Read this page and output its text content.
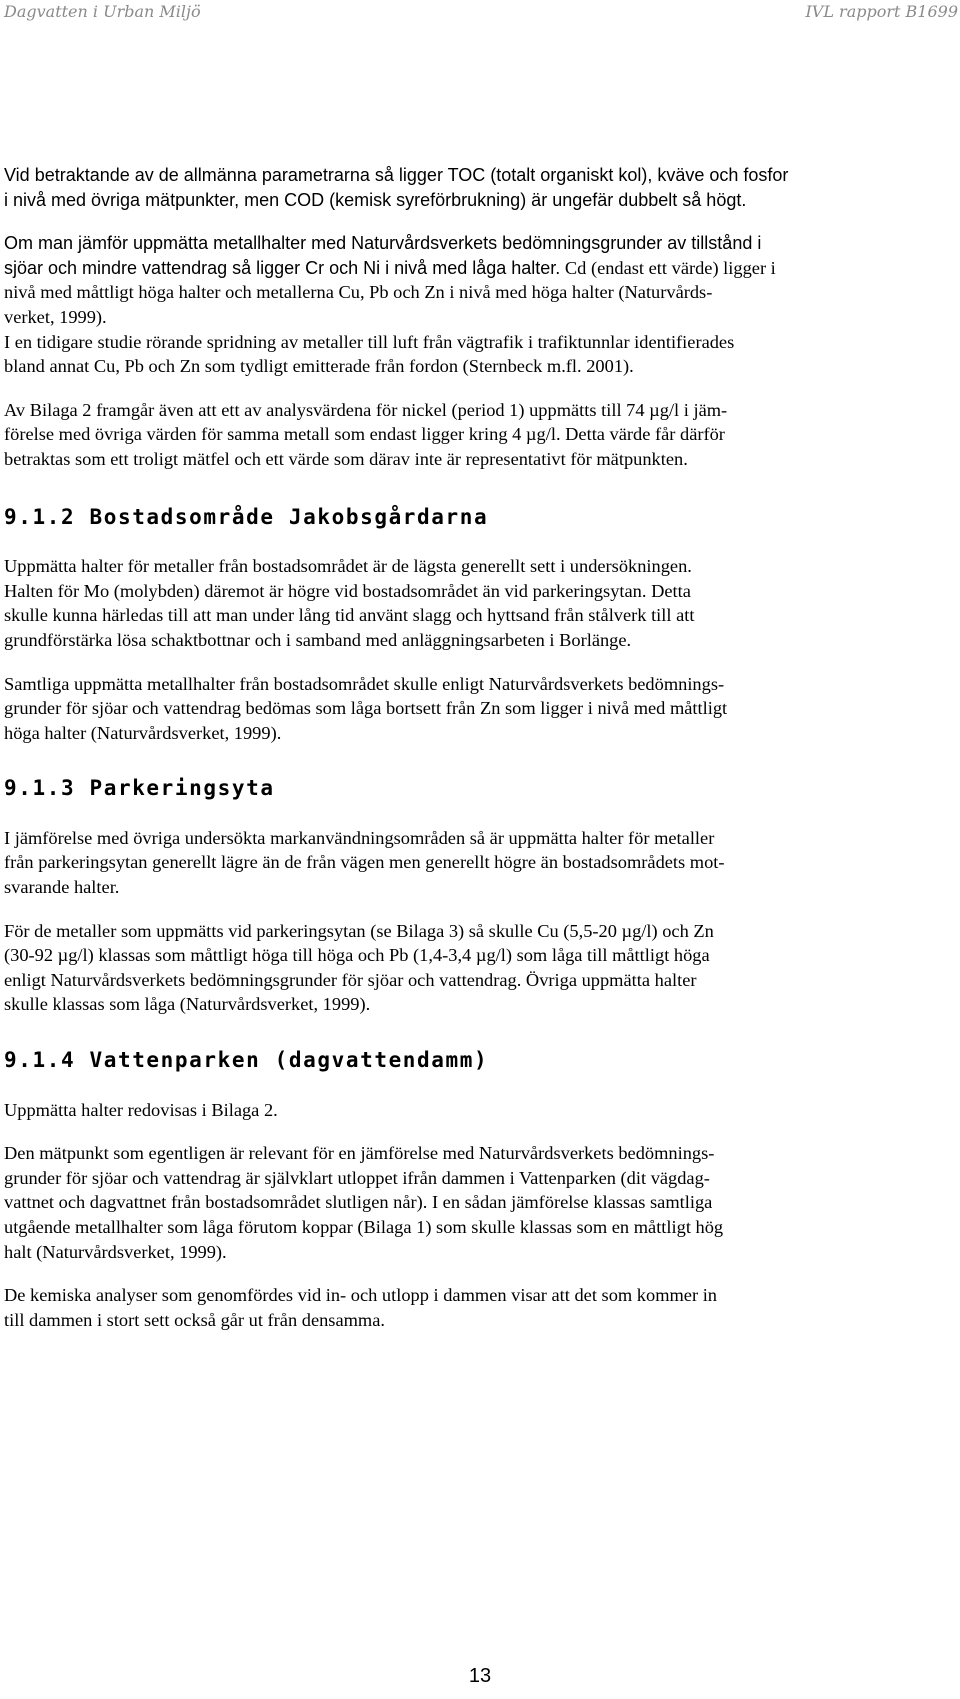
Dagvatten i Urban Miljö	IVL rapport B1699

Vid betraktande av de allmänna parametrarna så ligger TOC (totalt organiskt kol), kväve och fosfor
i nivå med övriga mätpunkter, men COD (kemisk syreförbrukning) är ungefär dubbelt så högt.

Om man jämför uppmätta metallhalter med Naturvårdsverkets bedömningsgrunder av tillstånd i
sjöar och mindre vattendrag så ligger Cr och Ni i nivå med låga halter. Cd (endast ett värde) ligger i

nivå med måttligt höga halter och metallerna Cu, Pb och Zn i nivå med höga halter (Naturvårds-
verket, 1999).

I en tidigare studie rörande spridning av metaller till luft från vägtrafik i trafiktunnlar identifierades
bland annat Cu, Pb och Zn som tydligt emitterade från fordon (Sternbeck m.fl. 2001).

Av Bilaga 2 framgår även att ett av analysvärdena för nickel (period 1) uppmätts till 74 µg/l i jäm-
förelse med övriga värden för samma metall som endast ligger kring 4 µg/l. Detta värde får därför
betraktas som ett troligt mätfel och ett värde som därav inte är representativt för mätpunkten.

9.1.2 Bostadsområde Jakobsgårdarna

Uppmätta halter för metaller från bostadsområdet är de lägsta generellt sett i undersökningen.
Halten för Mo (molybden) däremot är högre vid bostadsområdet än vid parkeringsytan. Detta
skulle kunna härledas till att man under lång tid använt slagg och hyttsand från stålverk till att
grundförstärka lösa schaktbottnar och i samband med anläggningsarbeten i Borlänge.

Samtliga uppmätta metallhalter från bostadsområdet skulle enligt Naturvårdsverkets bedömnings-
grunder för sjöar och vattendrag bedömas som låga bortsett från Zn som ligger i nivå med måttligt
höga halter (Naturvårdsverket, 1999).

9.1.3 Parkeringsyta

I jämförelse med övriga undersökta markanvändningsområden så är uppmätta halter för metaller
från parkeringsytan generellt lägre än de från vägen men generellt högre än bostadsområdets mot-
svarande halter.

För de metaller som uppmätts vid parkeringsytan (se Bilaga 3) så skulle Cu (5,5-20 µg/l) och Zn
(30-92 µg/l) klassas som måttligt höga till höga och Pb (1,4-3,4 µg/l) som låga till måttligt höga
enligt Naturvårdsverkets bedömningsgrunder för sjöar och vattendrag. Övriga uppmätta halter
skulle klassas som låga (Naturvårdsverket, 1999).

9.1.4 Vattenparken (dagvattendamm)

Uppmätta halter redovisas i Bilaga 2.

Den mätpunkt som egentligen är relevant för en jämförelse med Naturvårdsverkets bedömnings-
grunder för sjöar och vattendrag är självklart utloppet ifrån dammen i Vattenparken (dit vägdag-
vattnet och dagvattnet från bostadsområdet slutligen når). I en sådan jämförelse klassas samtliga
utgående metallhalter som låga förutom koppar (Bilaga 1) som skulle klassas som en måttligt hög
halt (Naturvårdsverket, 1999).

De kemiska analyser som genomfördes vid in- och utlopp i dammen visar att det som kommer in
till dammen i stort sett också går ut från densamma.

13
